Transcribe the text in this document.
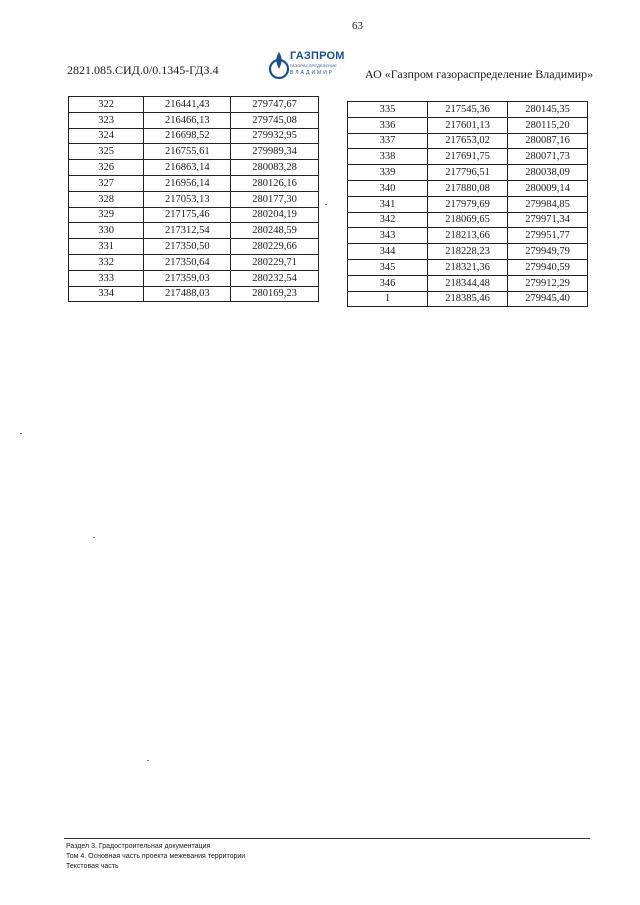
63
2821.085.СИД.0/0.1345-ГДЗ.4
ГАЗПРОМ
ГАЗОРАСПРЕДЕЛЕНИЕ
ВЛАДИМИР	АО «Газпром газораспределение Владимир»
322	216441,43	279747,67
323	216466,13	279745,08
324	216698,52	279932,95
325	216755,61	279989,34
326	216863,14	280083,28
327	216956,14	280126,16
328	217053,13	280177,30
329	217175,46	280204,19
330	217312,54	280248,59
331	217350,50	280229,66
332	217350,64	280229,71
333	217359,03	280232,54
334	217488,03	280169,23
335	217545,36	280145,35
336	217601,13	280115,20
337	217653,02	280087,16
338	217691,75	280071,73
339	217796,51	280038,09
340	217880,08	280009,14
341	217979,69	279984,85
342	218069,65	279971,34
343	218213,66	279951,77
344	218228,23	279949,79
345	218321,36	279940,59
346	218344,48	279912,29
1	218385,46	279945,40
Раздел 3. Градостроительная документация
Том 4. Основная часть проекта межевания территории
Текстовая часть
